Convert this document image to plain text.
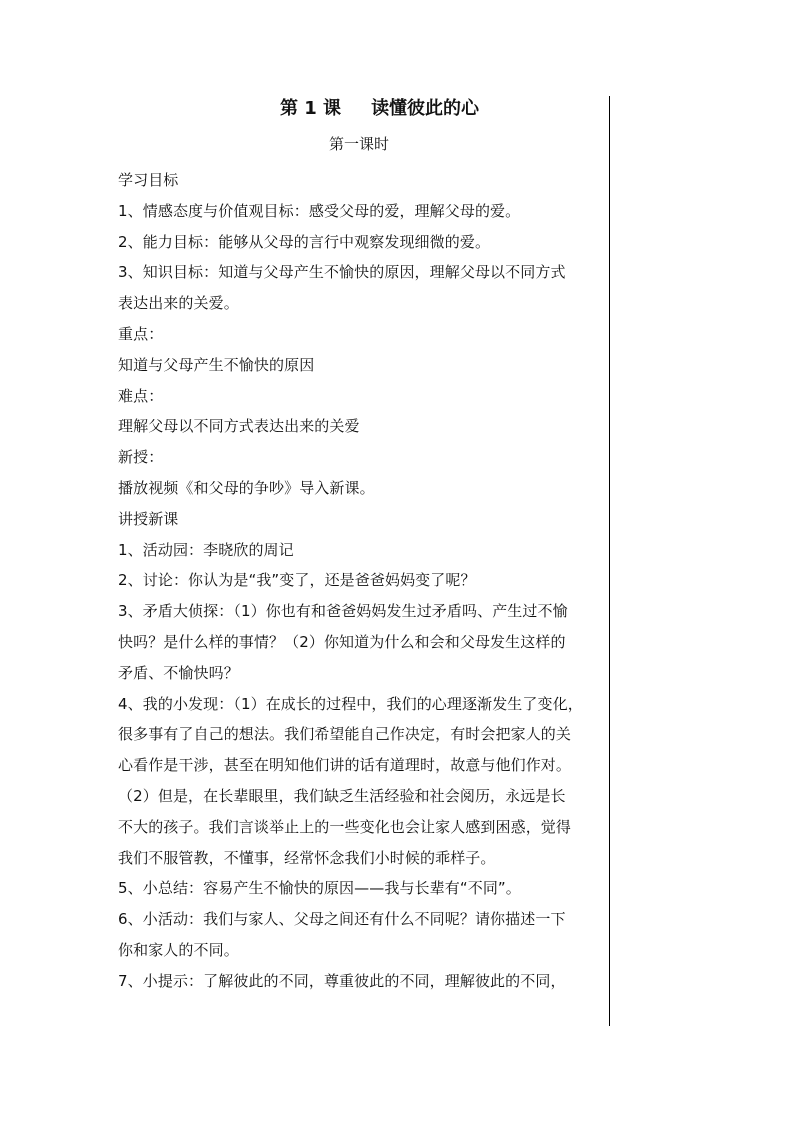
第 1 课 读懂彼此的心
第一课时
学习目标
1、情感态度与价值观目标：感受父母的爱，理解父母的爱。
2、能力目标：能够从父母的言行中观察发现细微的爱。
3、知识目标：知道与父母产生不愉快的原因，理解父母以不同方式
表达出来的关爱。
重点：
知道与父母产生不愉快的原因
难点：
理解父母以不同方式表达出来的关爱
新授：
播放视频《和父母的争吵》导入新课。
讲授新课
1、活动园：李晓欣的周记
2、讨论：你认为是“我”变了，还是爸爸妈妈变了呢？
3、矛盾大侦探：（1）你也有和爸爸妈妈发生过矛盾吗、产生过不愉
快吗？是什么样的事情？（2）你知道为什么和会和父母发生这样的
矛盾、不愉快吗？
4、我的小发现：（1）在成长的过程中，我们的心理逐渐发生了变化，
很多事有了自己的想法。我们希望能自己作决定，有时会把家人的关
心看作是干涉，甚至在明知他们讲的话有道理时，故意与他们作对。
（2）但是，在长辈眼里，我们缺乏生活经验和社会阅历，永远是长
不大的孩子。我们言谈举止上的一些变化也会让家人感到困惑，觉得
我们不服管教，不懂事，经常怀念我们小时候的乖样子。
5、小总结：容易产生不愉快的原因——我与长辈有“不同”。
6、小活动：我们与家人、父母之间还有什么不同呢？请你描述一下
你和家人的不同。
7、小提示：了解彼此的不同，尊重彼此的不同，理解彼此的不同，
